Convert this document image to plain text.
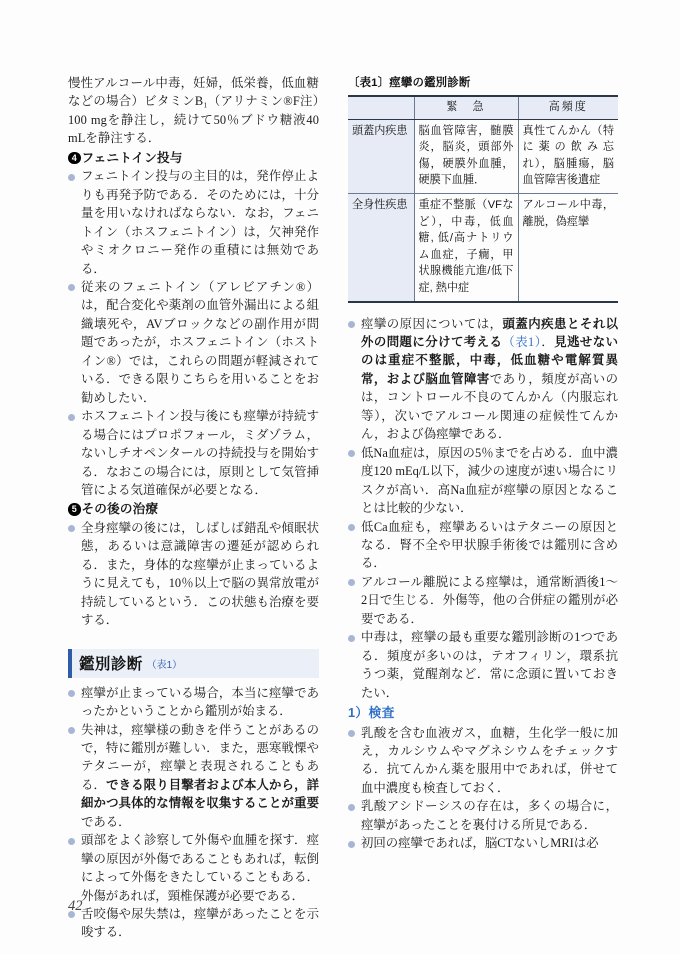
慢性アルコール中毒，妊婦，低栄養，低血糖などの場合）ビタミンB₁（アリナミン®F注）100 mgを静注し，続けて50％ブドウ糖液40 mLを静注する．

4 フェニトイン投与
フェニトイン投与の主目的は，発作停止よりも再発予防である．そのためには，十分量を用いなければならない．なお，フェニトイン（ホスフェニトイン）は，欠神発作やミオクロニー発作の重積には無効である．
従来のフェニトイン（アレビアチン®）は，配合変化や薬剤の血管外漏出による組織壊死や，AVブロックなどの副作用が問題であったが，ホスフェニトイン（ホストイン®）では，これらの問題が軽減されている．できる限りこちらを用いることをお勧めしたい．
ホスフェニトイン投与後にも痙攣が持続する場合にはプロポフォール，ミダゾラム，ないしチオペンタールの持続投与を開始する．なおこの場合には，原則として気管挿管による気道確保が必要となる．
5 その後の治療
全身痙攣の後には，しばしば錯乱や傾眠状態，あるいは意識障害の遷延が認められる．また，身体的な痙攣が止まっているように見えても，10％以上で脳の異常放電が持続しているという．この状態も治療を要する．
鑑別診断 （表1）
痙攣が止まっている場合，本当に痙攣であったかということから鑑別が始まる．
失神は，痙攣様の動きを伴うことがあるので，特に鑑別が難しい．また，悪寒戦慄やテタニーが，痙攣と表現されることもある．できる限り目撃者および本人から，詳細かつ具体的な情報を収集することが重要である．
頭部をよく診察して外傷や血腫を探す．痙攣の原因が外傷であることもあれば，転倒によって外傷をきたしていることもある．外傷があれば，頸椎保護が必要である．
舌咬傷や尿失禁は，痙攣があったことを示唆する．
〔表1〕痙攣の鑑別診断
	緊　急	高頻度
頭蓋内疾患	脳血管障害，髄膜炎，脳炎，頭部外傷，硬膜外血腫，硬膜下血腫．	真性てんかん（特に薬の飲み忘れ），脳腫瘍，脳血管障害後遺症
全身性疾患	重症不整脈（VFなど），中毒，低血糖, 低/高ナトリウム血症，子癇，甲状腺機能亢進/低下症, 熱中症	アルコール中毒，離脱，偽痙攣
痙攣の原因については，頭蓋内疾患とそれ以外の問題に分けて考える（表1）．見逃せないのは重症不整脈，中毒，低血糖や電解質異常，および脳血管障害であり，頻度が高いのは，コントロール不良のてんかん（内服忘れ等），次いでアルコール関連の症候性てんかん，および偽痙攣である．
低Na血症は，原因の5％までを占める．血中濃度120 mEq/L以下，減少の速度が速い場合にリスクが高い．高Na血症が痙攣の原因となることは比較的少ない．
低Ca血症も，痙攣あるいはテタニーの原因となる．腎不全や甲状腺手術後では鑑別に含める．
アルコール離脱による痙攣は，通常断酒後1〜2日で生じる．外傷等，他の合併症の鑑別が必要である．
中毒は，痙攣の最も重要な鑑別診断の1つである．頻度が多いのは，テオフィリン，環系抗うつ薬，覚醒剤など．常に念頭に置いておきたい．
1）検査
乳酸を含む血液ガス，血糖，生化学一般に加え，カルシウムやマグネシウムをチェックする．抗てんかん薬を服用中であれば，併せて血中濃度も検査しておく．
乳酸アシドーシスの存在は，多くの場合に，痙攣があったことを裏付ける所見である．
初回の痙攣であれば，脳CTないしMRIは必
42
